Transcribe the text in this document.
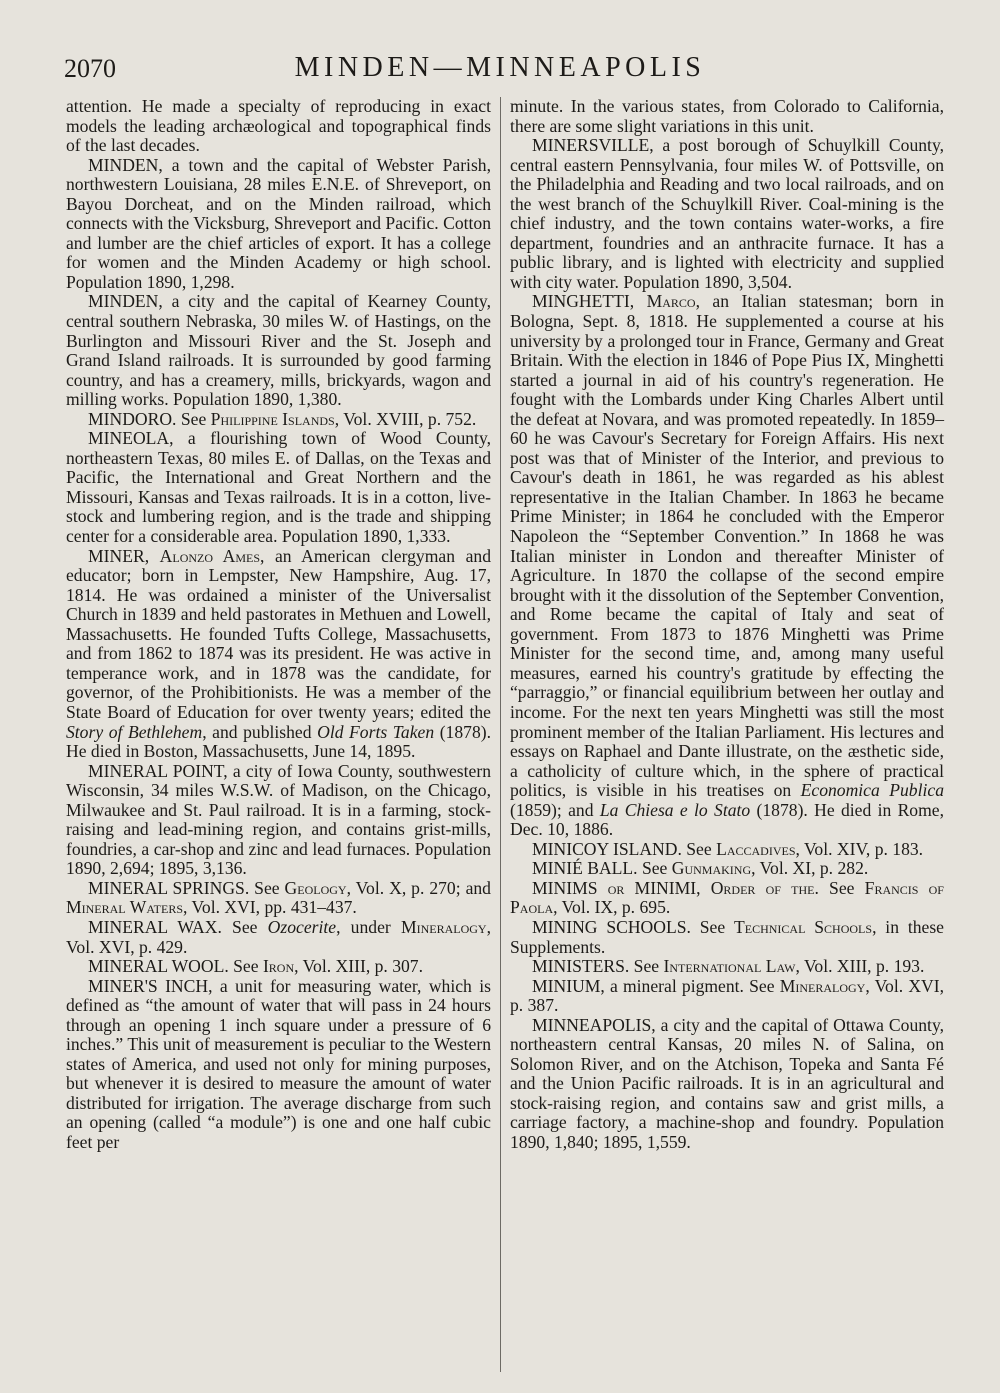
2070	MINDEN—MINNEAPOLIS

attention. He made a specialty of reproducing in exact models the leading archæological and topographical finds of the last decades.

MINDEN, a town and the capital of Webster Parish, northwestern Louisiana, 28 miles E.N.E. of Shreveport, on Bayou Dorcheat, and on the Minden railroad, which connects with the Vicksburg, Shreveport and Pacific. Cotton and lumber are the chief articles of export. It has a college for women and the Minden Academy or high school. Population 1890, 1,298.

MINDEN, a city and the capital of Kearney County, central southern Nebraska, 30 miles W. of Hastings, on the Burlington and Missouri River and the St. Joseph and Grand Island railroads. It is surrounded by good farming country, and has a creamery, mills, brickyards, wagon and milling works. Population 1890, 1,380.

MINDORO. See Philippine Islands, Vol. XVIII, p. 752.

MINEOLA, a flourishing town of Wood County, northeastern Texas, 80 miles E. of Dallas, on the Texas and Pacific, the International and Great Northern and the Missouri, Kansas and Texas railroads. It is in a cotton, live-stock and lumbering region, and is the trade and shipping center for a considerable area. Population 1890, 1,333.

MINER, Alonzo Ames, an American clergyman and educator; born in Lempster, New Hampshire, Aug. 17, 1814. He was ordained a minister of the Universalist Church in 1839 and held pastorates in Methuen and Lowell, Massachusetts. He founded Tufts College, Massachusetts, and from 1862 to 1874 was its president. He was active in temperance work, and in 1878 was the candidate, for governor, of the Prohibitionists. He was a member of the State Board of Education for over twenty years; edited the Story of Bethlehem, and published Old Forts Taken (1878). He died in Boston, Massachusetts, June 14, 1895.

MINERAL POINT, a city of Iowa County, southwestern Wisconsin, 34 miles W.S.W. of Madison, on the Chicago, Milwaukee and St. Paul railroad. It is in a farming, stock-raising and lead-mining region, and contains grist-mills, foundries, a car-shop and zinc and lead furnaces. Population 1890, 2,694; 1895, 3,136.

MINERAL SPRINGS. See Geology, Vol. X, p. 270; and Mineral Waters, Vol. XVI, pp. 431–437.

MINERAL WAX. See Ozocerite, under Mineralogy, Vol. XVI, p. 429.

MINERAL WOOL. See Iron, Vol. XIII, p. 307.

MINER'S INCH, a unit for measuring water, which is defined as “the amount of water that will pass in 24 hours through an opening 1 inch square under a pressure of 6 inches.” This unit of measurement is peculiar to the Western states of America, and used not only for mining purposes, but whenever it is desired to measure the amount of water distributed for irrigation. The average discharge from such an opening (called “a module”) is one and one half cubic feet per

minute. In the various states, from Colorado to California, there are some slight variations in this unit.

MINERSVILLE, a post borough of Schuylkill County, central eastern Pennsylvania, four miles W. of Pottsville, on the Philadelphia and Reading and two local railroads, and on the west branch of the Schuylkill River. Coal-mining is the chief industry, and the town contains water-works, a fire department, foundries and an anthracite furnace. It has a public library, and is lighted with electricity and supplied with city water. Population 1890, 3,504.

MINGHETTI, Marco, an Italian statesman; born in Bologna, Sept. 8, 1818. He supplemented a course at his university by a prolonged tour in France, Germany and Great Britain. With the election in 1846 of Pope Pius IX, Minghetti started a journal in aid of his country's regeneration. He fought with the Lombards under King Charles Albert until the defeat at Novara, and was promoted repeatedly. In 1859–60 he was Cavour's Secretary for Foreign Affairs. His next post was that of Minister of the Interior, and previous to Cavour's death in 1861, he was regarded as his ablest representative in the Italian Chamber. In 1863 he became Prime Minister; in 1864 he concluded with the Emperor Napoleon the “September Convention.” In 1868 he was Italian minister in London and thereafter Minister of Agriculture. In 1870 the collapse of the second empire brought with it the dissolution of the September Convention, and Rome became the capital of Italy and seat of government. From 1873 to 1876 Minghetti was Prime Minister for the second time, and, among many useful measures, earned his country's gratitude by effecting the “parraggio,” or financial equilibrium between her outlay and income. For the next ten years Minghetti was still the most prominent member of the Italian Parliament. His lectures and essays on Raphael and Dante illustrate, on the æsthetic side, a catholicity of culture which, in the sphere of practical politics, is visible in his treatises on Economica Publica (1859); and La Chiesa e lo Stato (1878). He died in Rome, Dec. 10, 1886.

MINICOY ISLAND. See Laccadives, Vol. XIV, p. 183.

MINIÉ BALL. See Gunmaking, Vol. XI, p. 282.

MINIMS or MINIMI, Order of the. See Francis of Paola, Vol. IX, p. 695.

MINING SCHOOLS. See Technical Schools, in these Supplements.

MINISTERS. See International Law, Vol. XIII, p. 193.

MINIUM, a mineral pigment. See Mineralogy, Vol. XVI, p. 387.

MINNEAPOLIS, a city and the capital of Ottawa County, northeastern central Kansas, 20 miles N. of Salina, on Solomon River, and on the Atchison, Topeka and Santa Fé and the Union Pacific railroads. It is in an agricultural and stock-raising region, and contains saw and grist mills, a carriage factory, a machine-shop and foundry. Population 1890, 1,840; 1895, 1,559.
